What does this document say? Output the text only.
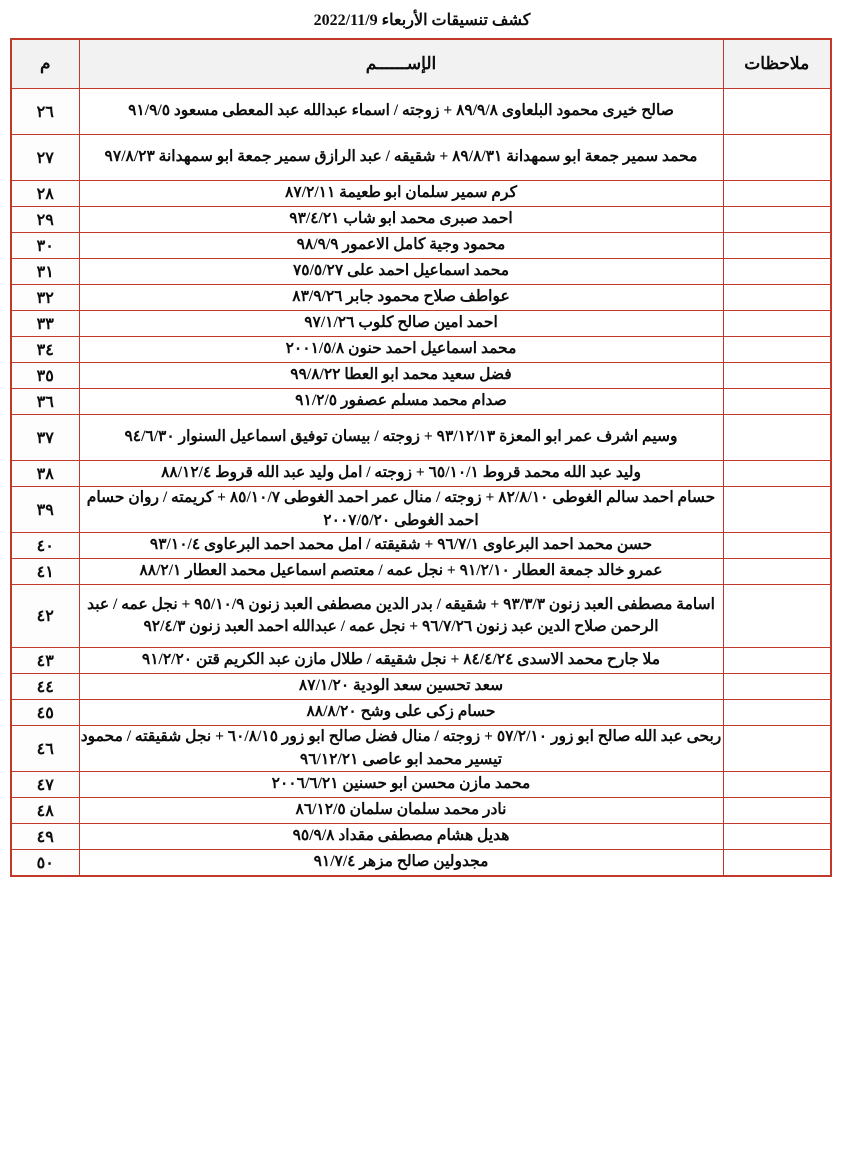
كشف تنسيقات الأربعاء 2022/11/9
ملاحظات	الإســــــم	م
	صالح خيرى محمود البلعاوى ٨٩/٩/٨ + زوجته / اسماء عبدالله عبد المعطى مسعود ٩١/٩/٥	٢٦
	محمد سمير جمعة ابو سمهدانة ٨٩/٨/٣١ + شقيقه / عبد الرازق سمير جمعة ابو سمهدانة ٩٧/٨/٢٣	٢٧
	كرم سمير سلمان ابو طعيمة ٨٧/٢/١١	٢٨
	احمد صبرى محمد ابو شاب ٩٣/٤/٢١	٢٩
	محمود وجية كامل الاعمور ٩٨/٩/٩	٣٠
	محمد اسماعيل احمد على ٧٥/٥/٢٧	٣١
	عواطف صلاح محمود جابر ٨٣/٩/٢٦	٣٢
	احمد امين صالح كلوب ٩٧/١/٢٦	٣٣
	محمد اسماعيل احمد حنون ٢٠٠١/٥/٨	٣٤
	فضل سعيد محمد ابو العطا ٩٩/٨/٢٢	٣٥
	صدام محمد مسلم عصفور ٩١/٢/٥	٣٦
	وسيم اشرف عمر ابو المعزة ٩٣/١٢/١٣ + زوجته / بيسان توفيق اسماعيل السنوار ٩٤/٦/٣٠	٣٧
	وليد عبد الله محمد قروط ٦٥/١٠/١ + زوجته / امل وليد عبد الله قروط ٨٨/١٢/٤	٣٨
	حسام احمد سالم الغوطى ٨٢/٨/١٠ + زوجته / منال عمر احمد الغوطى ٨٥/١٠/٧ + كريمته / روان حسام احمد الغوطى ٢٠٠٧/٥/٢٠	٣٩
	حسن محمد احمد البرعاوى ٩٦/٧/١ + شقيقته / امل محمد احمد البرعاوى ٩٣/١٠/٤	٤٠
	عمرو خالد جمعة العطار ٩١/٢/١٠ + نجل عمه / معتصم اسماعيل محمد العطار ٨٨/٢/١	٤١
	اسامة مصطفى العبد زنون ٩٣/٣/٣ + شقيقه / بدر الدين مصطفى العبد زنون ٩٥/١٠/٩ + نجل عمه / عبد الرحمن صلاح الدين عبد زنون ٩٦/٧/٢٦ + نجل عمه / عبدالله احمد العبد زنون ٩٢/٤/٣	٤٢
	ملا جارح محمد الاسدى ٨٤/٤/٢٤ + نجل شقيقه / طلال مازن عبد الكريم قتن ٩١/٢/٢٠	٤٣
	سعد تحسين سعد الودية ٨٧/١/٢٠	٤٤
	حسام زكى على وشح ٨٨/٨/٢٠	٤٥
	ربحى عبد الله صالح ابو زور ٥٧/٢/١٠ + زوجته / منال فضل صالح ابو زور ٦٠/٨/١٥ + نجل شقيقته / محمود تيسير محمد ابو عاصى ٩٦/١٢/٢١	٤٦
	محمد مازن محسن ابو حسنين ٢٠٠٦/٦/٢١	٤٧
	نادر محمد سلمان سلمان ٨٦/١٢/٥	٤٨
	هديل هشام مصطفى مقداد ٩٥/٩/٨	٤٩
	مجدولين صالح مزهر ٩١/٧/٤	٥٠
